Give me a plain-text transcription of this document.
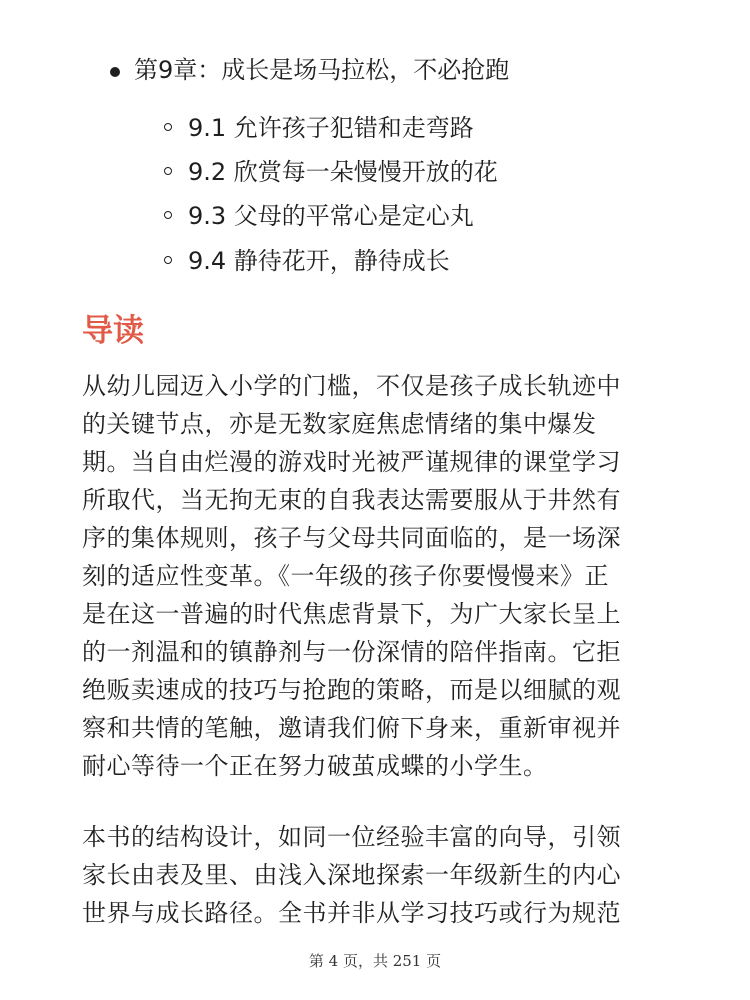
第9章：成长是场马拉松，不必抢跑
9.1 允许孩子犯错和走弯路
9.2 欣赏每一朵慢慢开放的花
9.3 父母的平常心是定心丸
9.4 静待花开，静待成长
导读

从幼儿园迈入小学的门槛，不仅是孩子成长轨迹中
的关键节点，亦是无数家庭焦虑情绪的集中爆发
期。当自由烂漫的游戏时光被严谨规律的课堂学习
所取代，当无拘无束的自我表达需要服从于井然有
序的集体规则，孩子与父母共同面临的，是一场深
刻的适应性变革。《一年级的孩子你要慢慢来》正
是在这一普遍的时代焦虑背景下，为广大家长呈上
的一剂温和的镇静剂与一份深情的陪伴指南。它拒
绝贩卖速成的技巧与抢跑的策略，而是以细腻的观
察和共情的笔触，邀请我们俯下身来，重新审视并
耐心等待一个正在努力破茧成蝶的小学生。

本书的结构设计，如同一位经验丰富的向导，引领
家长由表及里、由浅入深地探索一年级新生的内心
世界与成长路径。全书并非从学习技巧或行为规范

第 4 页，共 251 页
